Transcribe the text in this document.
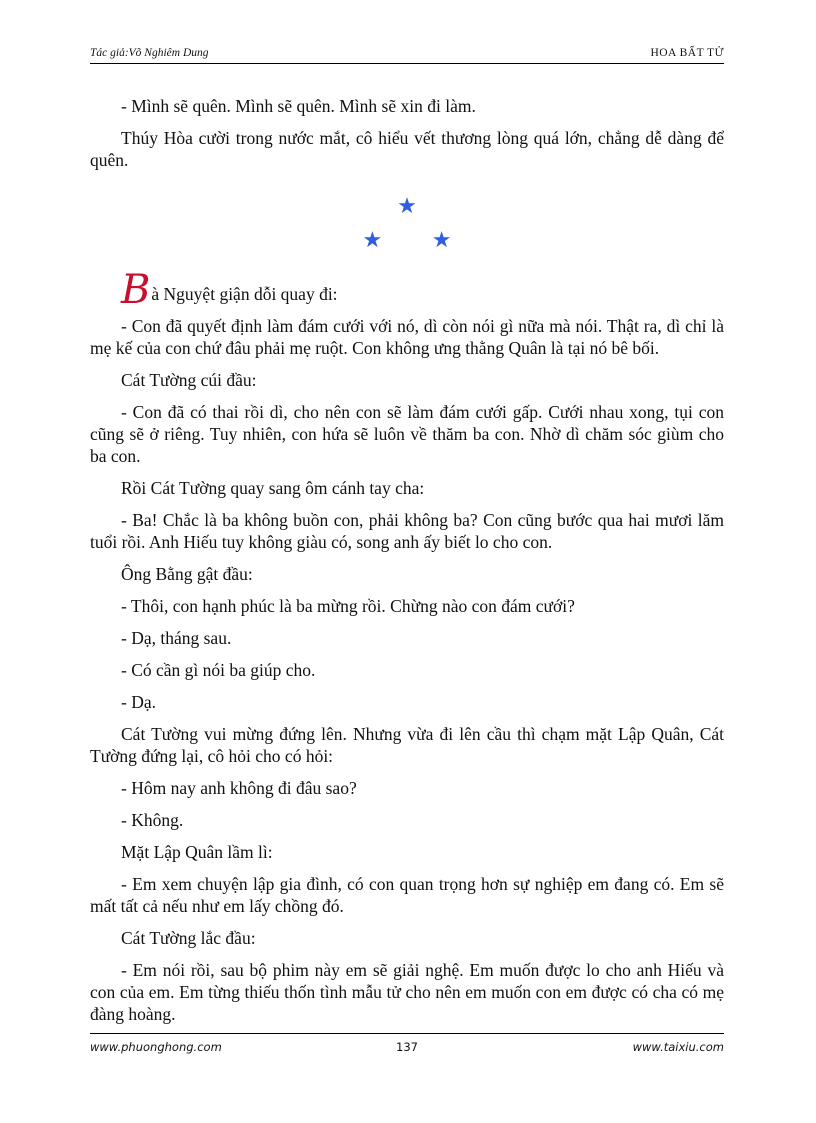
Tác giả:Võ Nghiêm Dung	HOA BẤT TỬ

- Mình sẽ quên. Mình sẽ quên. Mình sẽ xin đi làm.

Thúy Hòa cười trong nước mắt, cô hiểu vết thương lòng quá lớn, chẳng dễ dàng để quên.

★
★ ★

Bà Nguyệt giận dỗi quay đi:

- Con đã quyết định làm đám cưới với nó, dì còn nói gì nữa mà nói. Thật ra, dì chỉ là mẹ kế của con chứ đâu phải mẹ ruột. Con không ưng thằng Quân là tại nó bê bối.

Cát Tường cúi đầu:

- Con đã có thai rồi dì, cho nên con sẽ làm đám cưới gấp. Cưới nhau xong, tụi con cũng sẽ ở riêng. Tuy nhiên, con hứa sẽ luôn về thăm ba con. Nhờ dì chăm sóc giùm cho ba con.

Rồi Cát Tường quay sang ôm cánh tay cha:

- Ba! Chắc là ba không buồn con, phải không ba? Con cũng bước qua hai mươi lăm tuổi rồi. Anh Hiếu tuy không giàu có, song anh ấy biết lo cho con.

Ông Bằng gật đầu:

- Thôi, con hạnh phúc là ba mừng rồi. Chừng nào con đám cưới?

- Dạ, tháng sau.

- Có cần gì nói ba giúp cho.

- Dạ.

Cát Tường vui mừng đứng lên. Nhưng vừa đi lên cầu thì chạm mặt Lập Quân, Cát Tường đứng lại, cô hỏi cho có hỏi:

- Hôm nay anh không đi đâu sao?

- Không.

Mặt Lập Quân lầm lì:

- Em xem chuyện lập gia đình, có con quan trọng hơn sự nghiệp em đang có. Em sẽ mất tất cả nếu như em lấy chồng đó.

Cát Tường lắc đầu:

- Em nói rồi, sau bộ phim này em sẽ giải nghệ. Em muốn được lo cho anh Hiếu và con của em. Em từng thiếu thốn tình mẫu tử cho nên em muốn con em được có cha có mẹ đàng hoàng.

www.phuonghong.com	137	www.taixiu.com
